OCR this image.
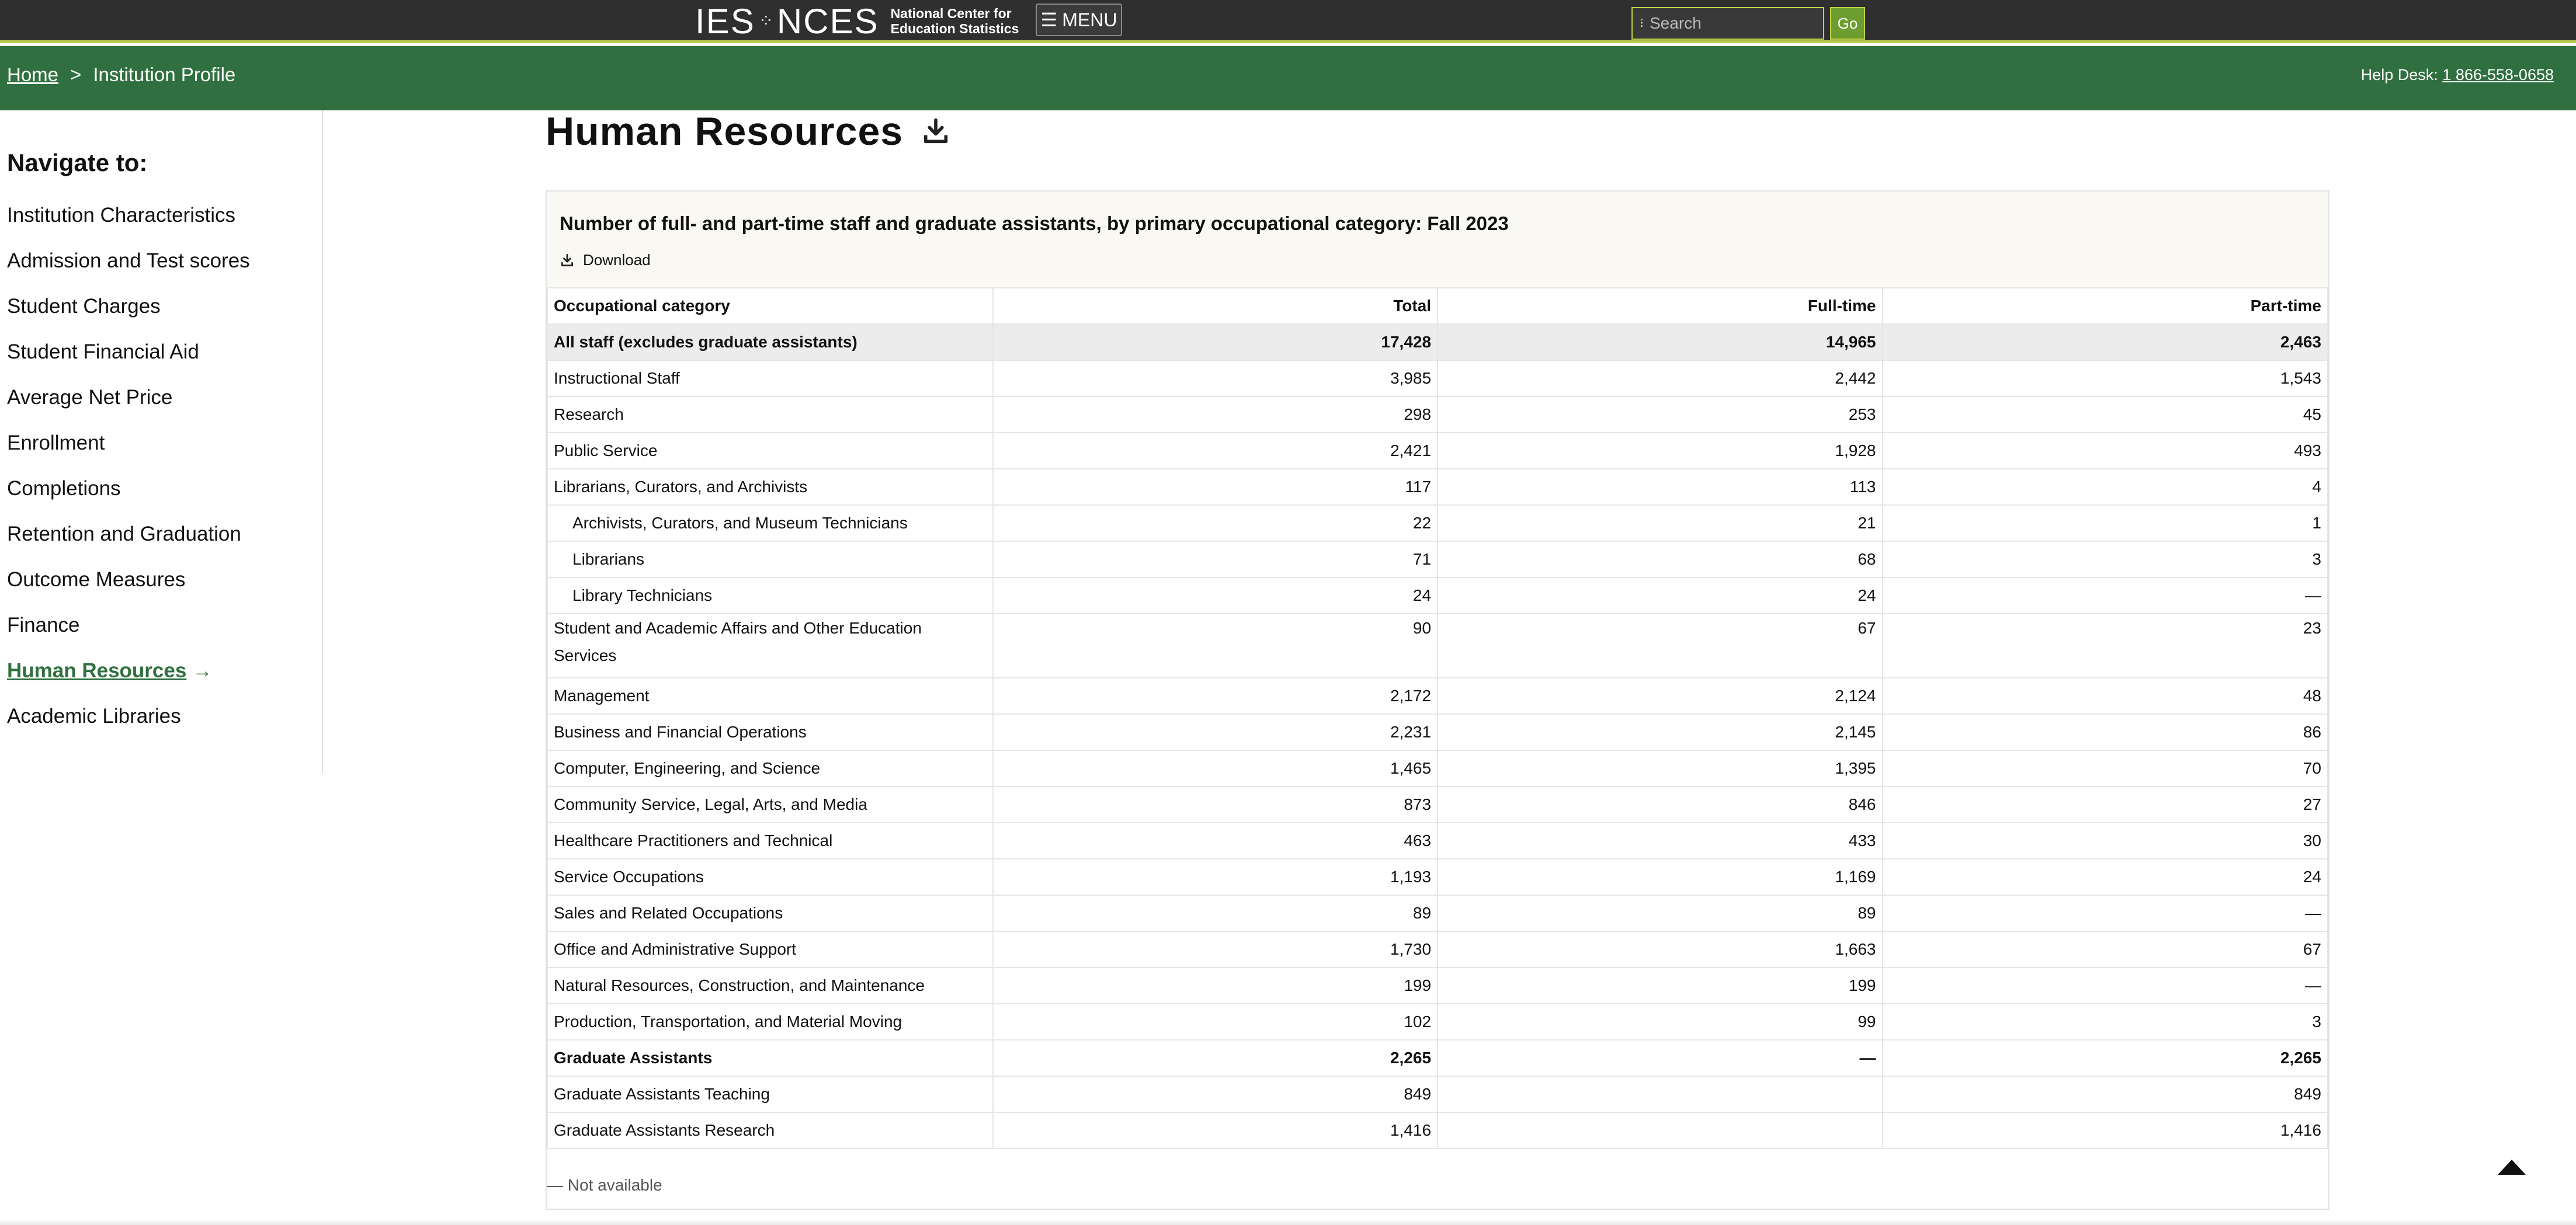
IES ⁘ NCES National Center for
Education Statistics ☰ MENU	⁝ Search	Go
Home > Institution Profile	Help Desk: 1 866-558-0658
Navigate to:
Institution Characteristics
Admission and Test scores
Student Charges
Student Financial Aid
Average Net Price
Enrollment
Completions
Retention and Graduation
Outcome Measures
Finance
Human Resources →
Academic Libraries
Human Resources
Number of full- and part-time staff and graduate assistants, by primary occupational category: Fall 2023
Download
Occupational category	Total	Full-time	Part-time
All staff (excludes graduate assistants)	17,428	14,965	2,463
Instructional Staff	3,985	2,442	1,543
Research	298	253	45
Public Service	2,421	1,928	493
Librarians, Curators, and Archivists	117	113	4
Archivists, Curators, and Museum Technicians	22	21	1
Librarians	71	68	3
Library Technicians	24	24	—
Student and Academic Affairs and Other Education Services	90	67	23
Management	2,172	2,124	48
Business and Financial Operations	2,231	2,145	86
Computer, Engineering, and Science	1,465	1,395	70
Community Service, Legal, Arts, and Media	873	846	27
Healthcare Practitioners and Technical	463	433	30
Service Occupations	1,193	1,169	24
Sales and Related Occupations	89	89	—
Office and Administrative Support	1,730	1,663	67
Natural Resources, Construction, and Maintenance	199	199	—
Production, Transportation, and Material Moving	102	99	3
Graduate Assistants	2,265	—	2,265
Graduate Assistants Teaching	849		849
Graduate Assistants Research	1,416		1,416
— Not available
